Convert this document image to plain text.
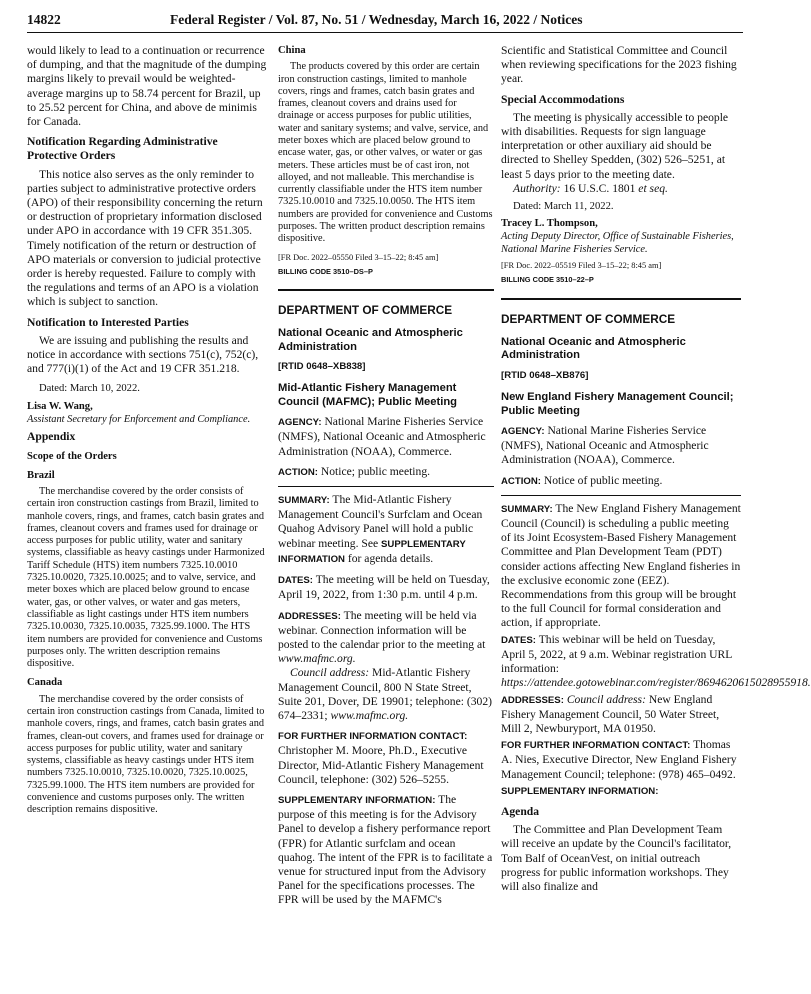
14822	Federal Register / Vol. 87, No. 51 / Wednesday, March 16, 2022 / Notices

would likely to lead to a continuation or recurrence of dumping, and that the magnitude of the dumping margins likely to prevail would be weighted-average margins up to 58.74 percent for Brazil, up to 25.52 percent for China, and above de minimis for Canada.

Notification Regarding Administrative Protective Orders

This notice also serves as the only reminder to parties subject to administrative protective orders (APO) of their responsibility concerning the return or destruction of proprietary information disclosed under APO in accordance with 19 CFR 351.305. Timely notification of the return or destruction of APO materials or conversion to judicial protective order is hereby requested. Failure to comply with the regulations and terms of an APO is a violation which is subject to sanction.

Notification to Interested Parties

We are issuing and publishing the results and notice in accordance with sections 751(c), 752(c), and 777(i)(1) of the Act and 19 CFR 351.218.

Dated: March 10, 2022.

Lisa W. Wang,

Assistant Secretary for Enforcement and Compliance.

Appendix
Scope of the Orders
Brazil

The merchandise covered by the order consists of certain iron construction castings from Brazil, limited to manhole covers, rings, and frames, catch basin grates and frames, cleanout covers and frames used for drainage or access purposes for public utility, water and sanitary systems, classifiable as heavy castings under Harmonized Tariff Schedule (HTS) item numbers 7325.10.0010 7325.10.0020, 7325.10.0025; and to valve, service, and meter boxes which are placed below ground to encase water, gas, or other valves, or water and gas meters, classifiable as light castings under HTS item numbers 7325.10.0030, 7325.10.0035, 7325.99.1000. The HTS item numbers are provided for convenience and Customs purposes only. The written description remains dispositive.

Canada

The merchandise covered by the order consists of certain iron construction castings from Canada, limited to manhole covers, rings, and frames, catch basin grates and frames, clean-out covers, and frames used for drainage or access purposes for public utility, water and sanitary systems, classifiable as heavy castings under HTS item numbers 7325.10.0010, 7325.10.0020, 7325.10.0025, 7325.99.1000. The HTS item numbers are provided for convenience and customs purposes only. The written description remains dispositive.

China

The products covered by this order are certain iron construction castings, limited to manhole covers, rings and frames, catch basin grates and frames, cleanout covers and drains used for drainage or access purposes for public utilities, water and sanitary systems; and valve, service, and meter boxes which are placed below ground to encase water, gas, or other valves, or water or gas meters. These articles must be of cast iron, not alloyed, and not malleable. This merchandise is currently classifiable under the HTS item number 7325.10.0010 and 7325.10.0050. The HTS item numbers are provided for convenience and Customs purposes. The written product description remains dispositive.

[FR Doc. 2022–05550 Filed 3–15–22; 8:45 am]

BILLING CODE 3510–DS–P

DEPARTMENT OF COMMERCE
National Oceanic and Atmospheric Administration
[RTID 0648–XB838]
Mid-Atlantic Fishery Management Council (MAFMC); Public Meeting

AGENCY: National Marine Fisheries Service (NMFS), National Oceanic and Atmospheric Administration (NOAA), Commerce.

ACTION: Notice; public meeting.

SUMMARY: The Mid-Atlantic Fishery Management Council's Surfclam and Ocean Quahog Advisory Panel will hold a public webinar meeting. See SUPPLEMENTARY INFORMATION for agenda details.

DATES: The meeting will be held on Tuesday, April 19, 2022, from 1:30 p.m. until 4 p.m.

ADDRESSES: The meeting will be held via webinar. Connection information will be posted to the calendar prior to the meeting at www.mafmc.org.

Council address: Mid-Atlantic Fishery Management Council, 800 N State Street, Suite 201, Dover, DE 19901; telephone: (302) 674–2331; www.mafmc.org.

FOR FURTHER INFORMATION CONTACT: Christopher M. Moore, Ph.D., Executive Director, Mid-Atlantic Fishery Management Council, telephone: (302) 526–5255.

SUPPLEMENTARY INFORMATION: The purpose of this meeting is for the Advisory Panel to develop a fishery performance report (FPR) for Atlantic surfclam and ocean quahog. The intent of the FPR is to facilitate a venue for structured input from the Advisory Panel for the specifications processes. The FPR will be used by the MAFMC's

Scientific and Statistical Committee and Council when reviewing specifications for the 2023 fishing year.

Special Accommodations

The meeting is physically accessible to people with disabilities. Requests for sign language interpretation or other auxiliary aid should be directed to Shelley Spedden, (302) 526–5251, at least 5 days prior to the meeting date.

Authority: 16 U.S.C. 1801 et seq.

Dated: March 11, 2022.

Tracey L. Thompson,

Acting Deputy Director, Office of Sustainable Fisheries, National Marine Fisheries Service.

[FR Doc. 2022–05519 Filed 3–15–22; 8:45 am]

BILLING CODE 3510–22–P

DEPARTMENT OF COMMERCE
National Oceanic and Atmospheric Administration
[RTID 0648–XB876]
New England Fishery Management Council; Public Meeting

AGENCY: National Marine Fisheries Service (NMFS), National Oceanic and Atmospheric Administration (NOAA), Commerce.

ACTION: Notice of public meeting.

SUMMARY: The New England Fishery Management Council (Council) is scheduling a public meeting of its Joint Ecosystem-Based Fishery Management Committee and Plan Development Team (PDT) consider actions affecting New England fisheries in the exclusive economic zone (EEZ). Recommendations from this group will be brought to the full Council for formal consideration and action, if appropriate.

DATES: This webinar will be held on Tuesday, April 5, 2022, at 9 a.m. Webinar registration URL information: https://attendee.gotowebinar.com/register/8694620615028955918.

ADDRESSES: Council address: New England Fishery Management Council, 50 Water Street, Mill 2, Newburyport, MA 01950.

FOR FURTHER INFORMATION CONTACT: Thomas A. Nies, Executive Director, New England Fishery Management Council; telephone: (978) 465–0492.

SUPPLEMENTARY INFORMATION:

Agenda

The Committee and Plan Development Team will receive an update by the Council's facilitator, Tom Balf of OceanVest, on initial outreach progress for public information workshops. They will also finalize and
